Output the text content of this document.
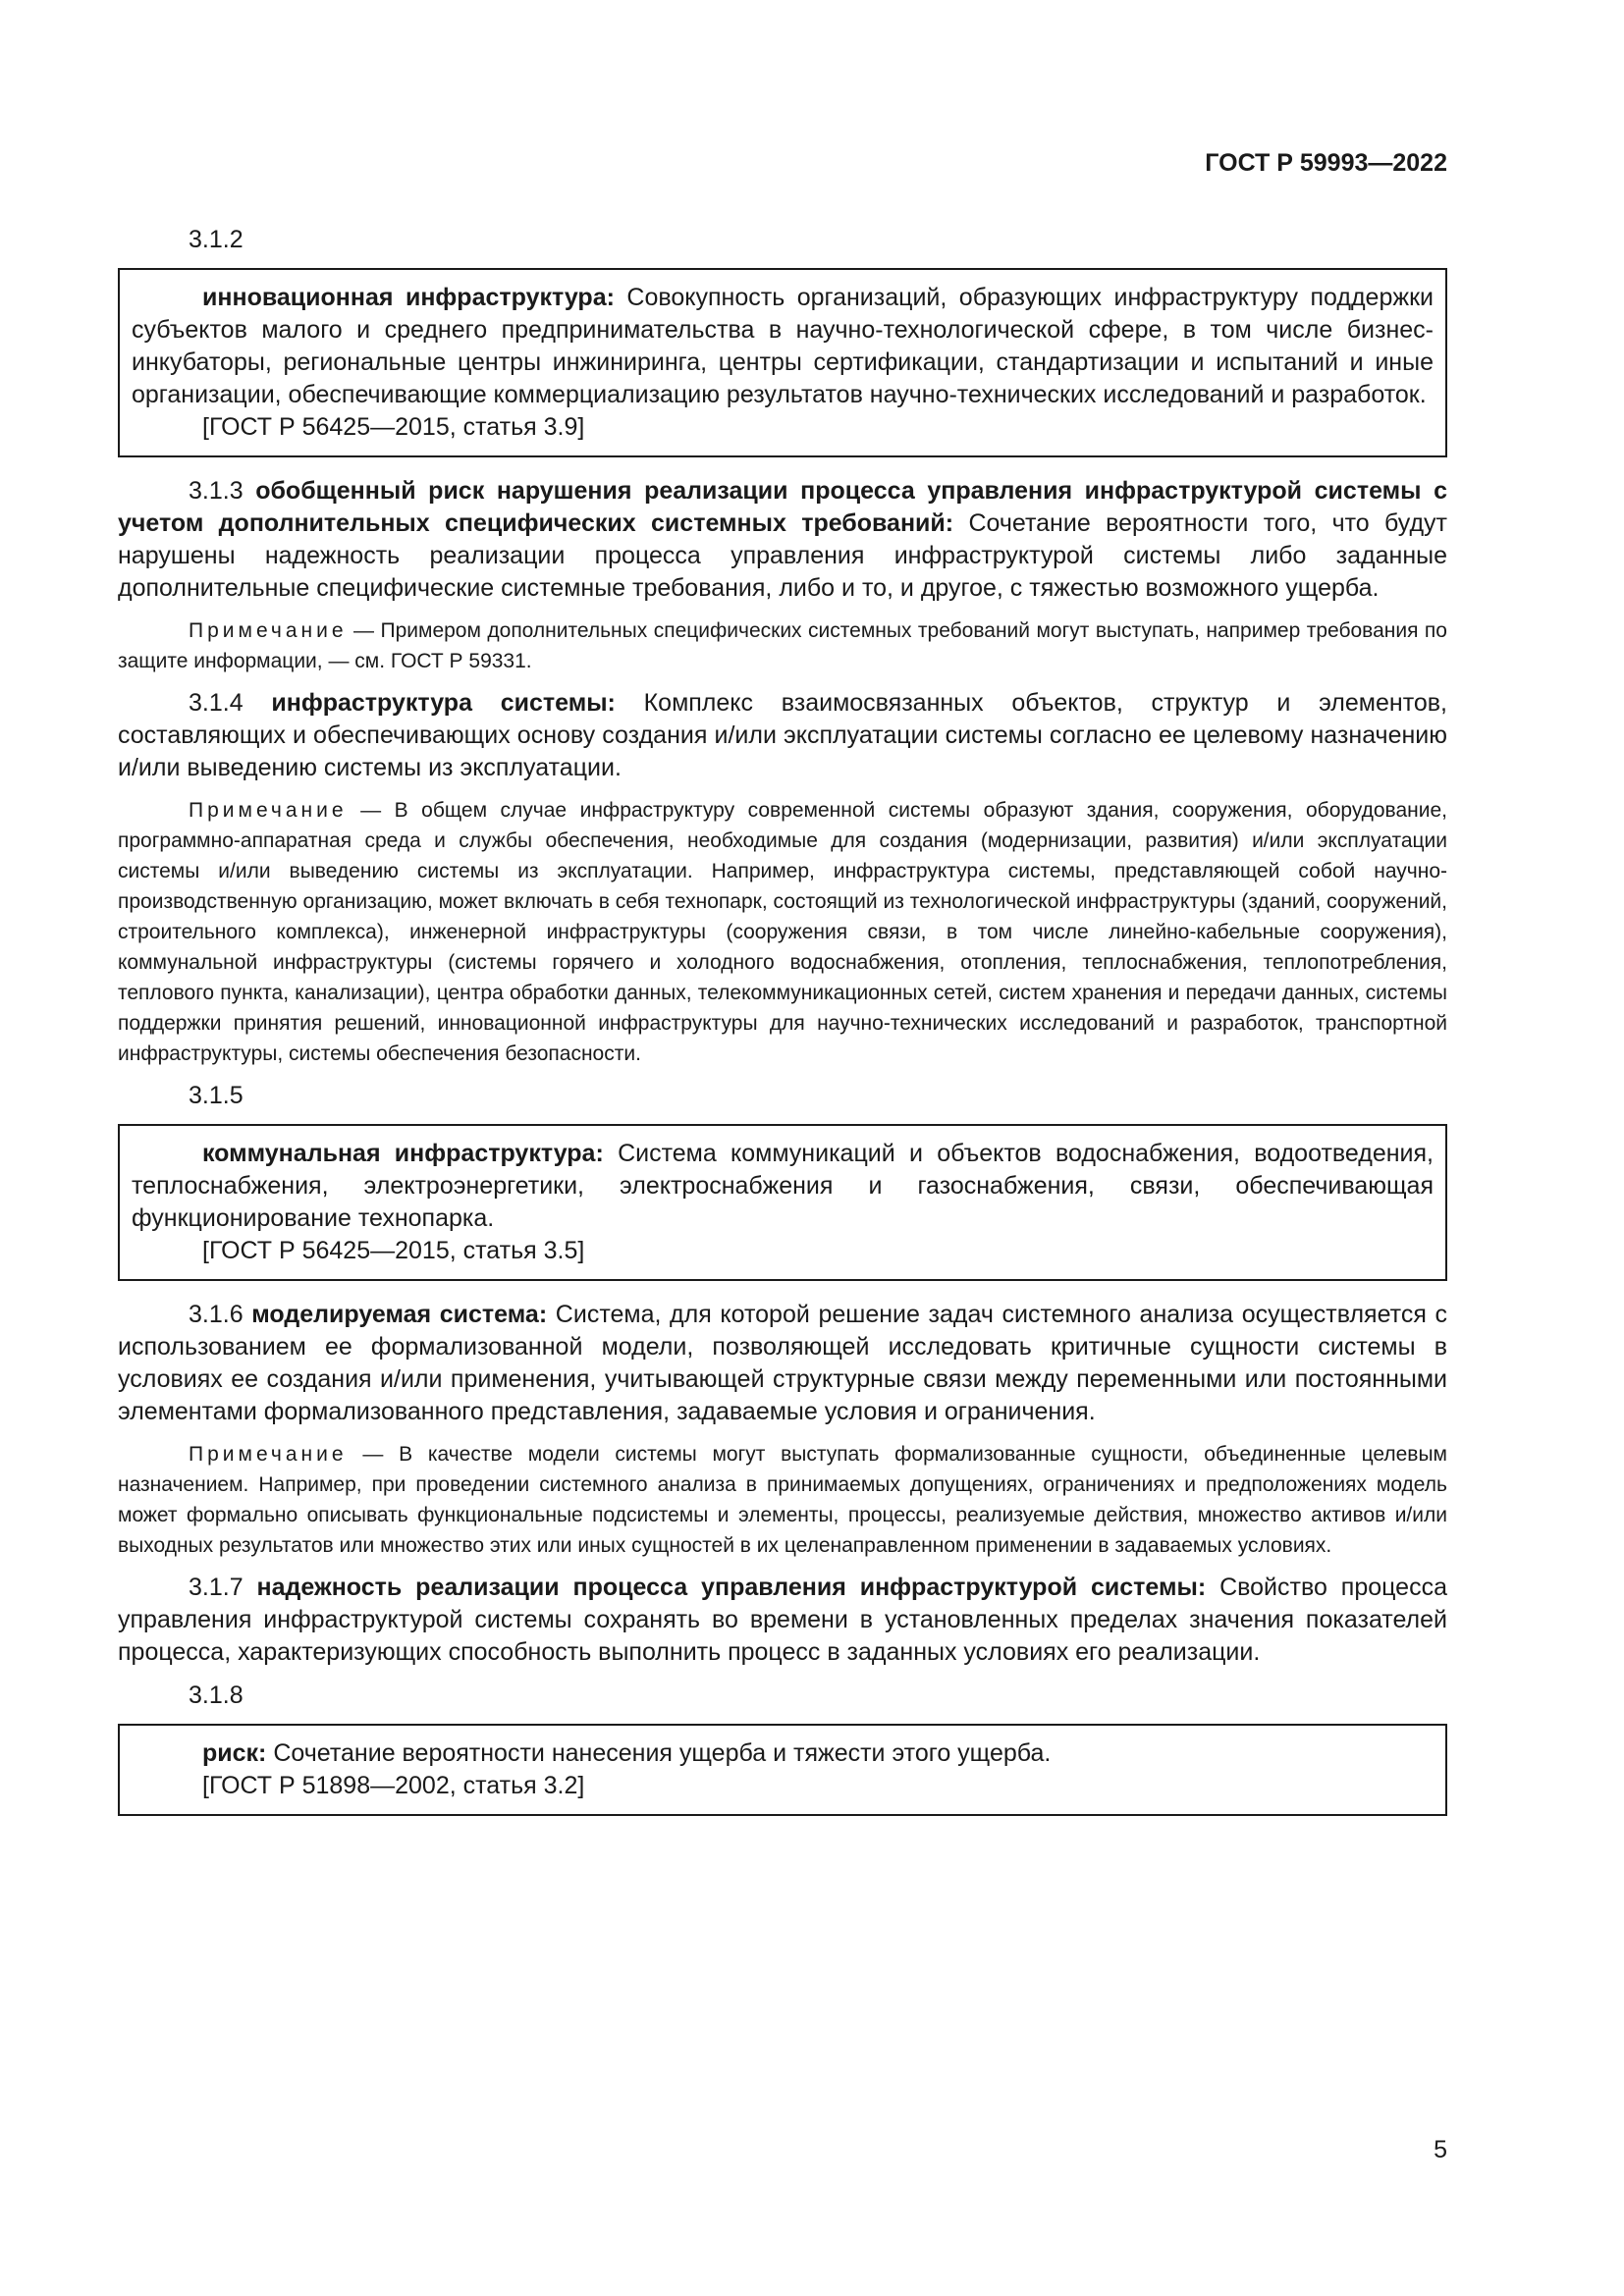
ГОСТ Р 59993—2022
3.1.2

инновационная инфраструктура: Совокупность организаций, образующих инфраструктуру поддержки субъектов малого и среднего предпринимательства в научно-технологической сфере, в том числе бизнес-инкубаторы, региональные центры инжиниринга, центры сертификации, стандартизации и испытаний и иные организации, обеспечивающие коммерциализацию результатов научно-технических исследований и разработок.

[ГОСТ Р 56425—2015, статья 3.9]

3.1.3 обобщенный риск нарушения реализации процесса управления инфраструктурой системы с учетом дополнительных специфических системных требований: Сочетание вероятности того, что будут нарушены надежность реализации процесса управления инфраструктурой системы либо заданные дополнительные специфические системные требования, либо и то, и другое, с тяжестью возможного ущерба.

Примечание — Примером дополнительных специфических системных требований могут выступать, например требования по защите информации, — см. ГОСТ Р 59331.

3.1.4 инфраструктура системы: Комплекс взаимосвязанных объектов, структур и элементов, составляющих и обеспечивающих основу создания и/или эксплуатации системы согласно ее целевому назначению и/или выведению системы из эксплуатации.

Примечание — В общем случае инфраструктуру современной системы образуют здания, сооружения, оборудование, программно-аппаратная среда и службы обеспечения, необходимые для создания (модернизации, развития) и/или эксплуатации системы и/или выведению системы из эксплуатации. Например, инфраструктура системы, представляющей собой научно-производственную организацию, может включать в себя технопарк, состоящий из технологической инфраструктуры (зданий, сооружений, строительного комплекса), инженерной инфраструктуры (сооружения связи, в том числе линейно-кабельные сооружения), коммунальной инфраструктуры (системы горячего и холодного водоснабжения, отопления, теплоснабжения, теплопотребления, теплового пункта, канализации), центра обработки данных, телекоммуникационных сетей, систем хранения и передачи данных, системы поддержки принятия решений, инновационной инфраструктуры для научно-технических исследований и разработок, транспортной инфраструктуры, системы обеспечения безопасности.

3.1.5

коммунальная инфраструктура: Система коммуникаций и объектов водоснабжения, водоотведения, теплоснабжения, электроэнергетики, электроснабжения и газоснабжения, связи, обеспечивающая функционирование технопарка.

[ГОСТ Р 56425—2015, статья 3.5]

3.1.6 моделируемая система: Система, для которой решение задач системного анализа осуществляется с использованием ее формализованной модели, позволяющей исследовать критичные сущности системы в условиях ее создания и/или применения, учитывающей структурные связи между переменными или постоянными элементами формализованного представления, задаваемые условия и ограничения.

Примечание — В качестве модели системы могут выступать формализованные сущности, объединенные целевым назначением. Например, при проведении системного анализа в принимаемых допущениях, ограничениях и предположениях модель может формально описывать функциональные подсистемы и элементы, процессы, реализуемые действия, множество активов и/или выходных результатов или множество этих или иных сущностей в их целенаправленном применении в задаваемых условиях.

3.1.7 надежность реализации процесса управления инфраструктурой системы: Свойство процесса управления инфраструктурой системы сохранять во времени в установленных пределах значения показателей процесса, характеризующих способность выполнить процесс в заданных условиях его реализации.

3.1.8

риск: Сочетание вероятности нанесения ущерба и тяжести этого ущерба.

[ГОСТ Р 51898—2002, статья 3.2]

5
